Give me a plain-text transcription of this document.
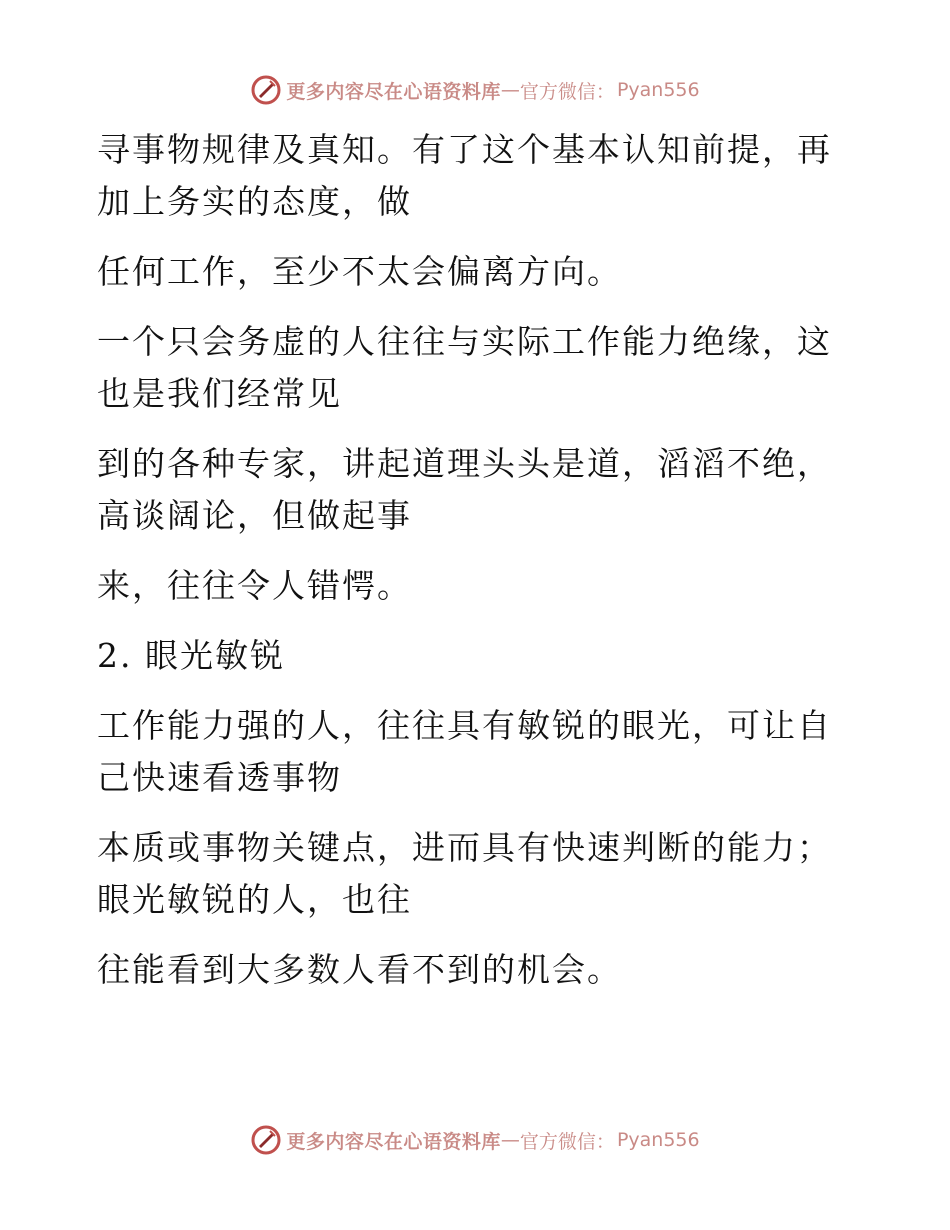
更多内容尽在心语资料库 — 官方微信： Pyan556
寻事物规律及真知。有了这个基本认知前提，再
加上务实的态度，做
任何工作，至少不太会偏离方向。
一个只会务虚的人往往与实际工作能力绝缘，这
也是我们经常见
到的各种专家，讲起道理头头是道，滔滔不绝，
高谈阔论，但做起事
来，往往令人错愕。
2. 眼光敏锐
工作能力强的人，往往具有敏锐的眼光，可让自
己快速看透事物
本质或事物关键点，进而具有快速判断的能力；
眼光敏锐的人，也往
往能看到大多数人看不到的机会。
更多内容尽在心语资料库 — 官方微信： Pyan556
